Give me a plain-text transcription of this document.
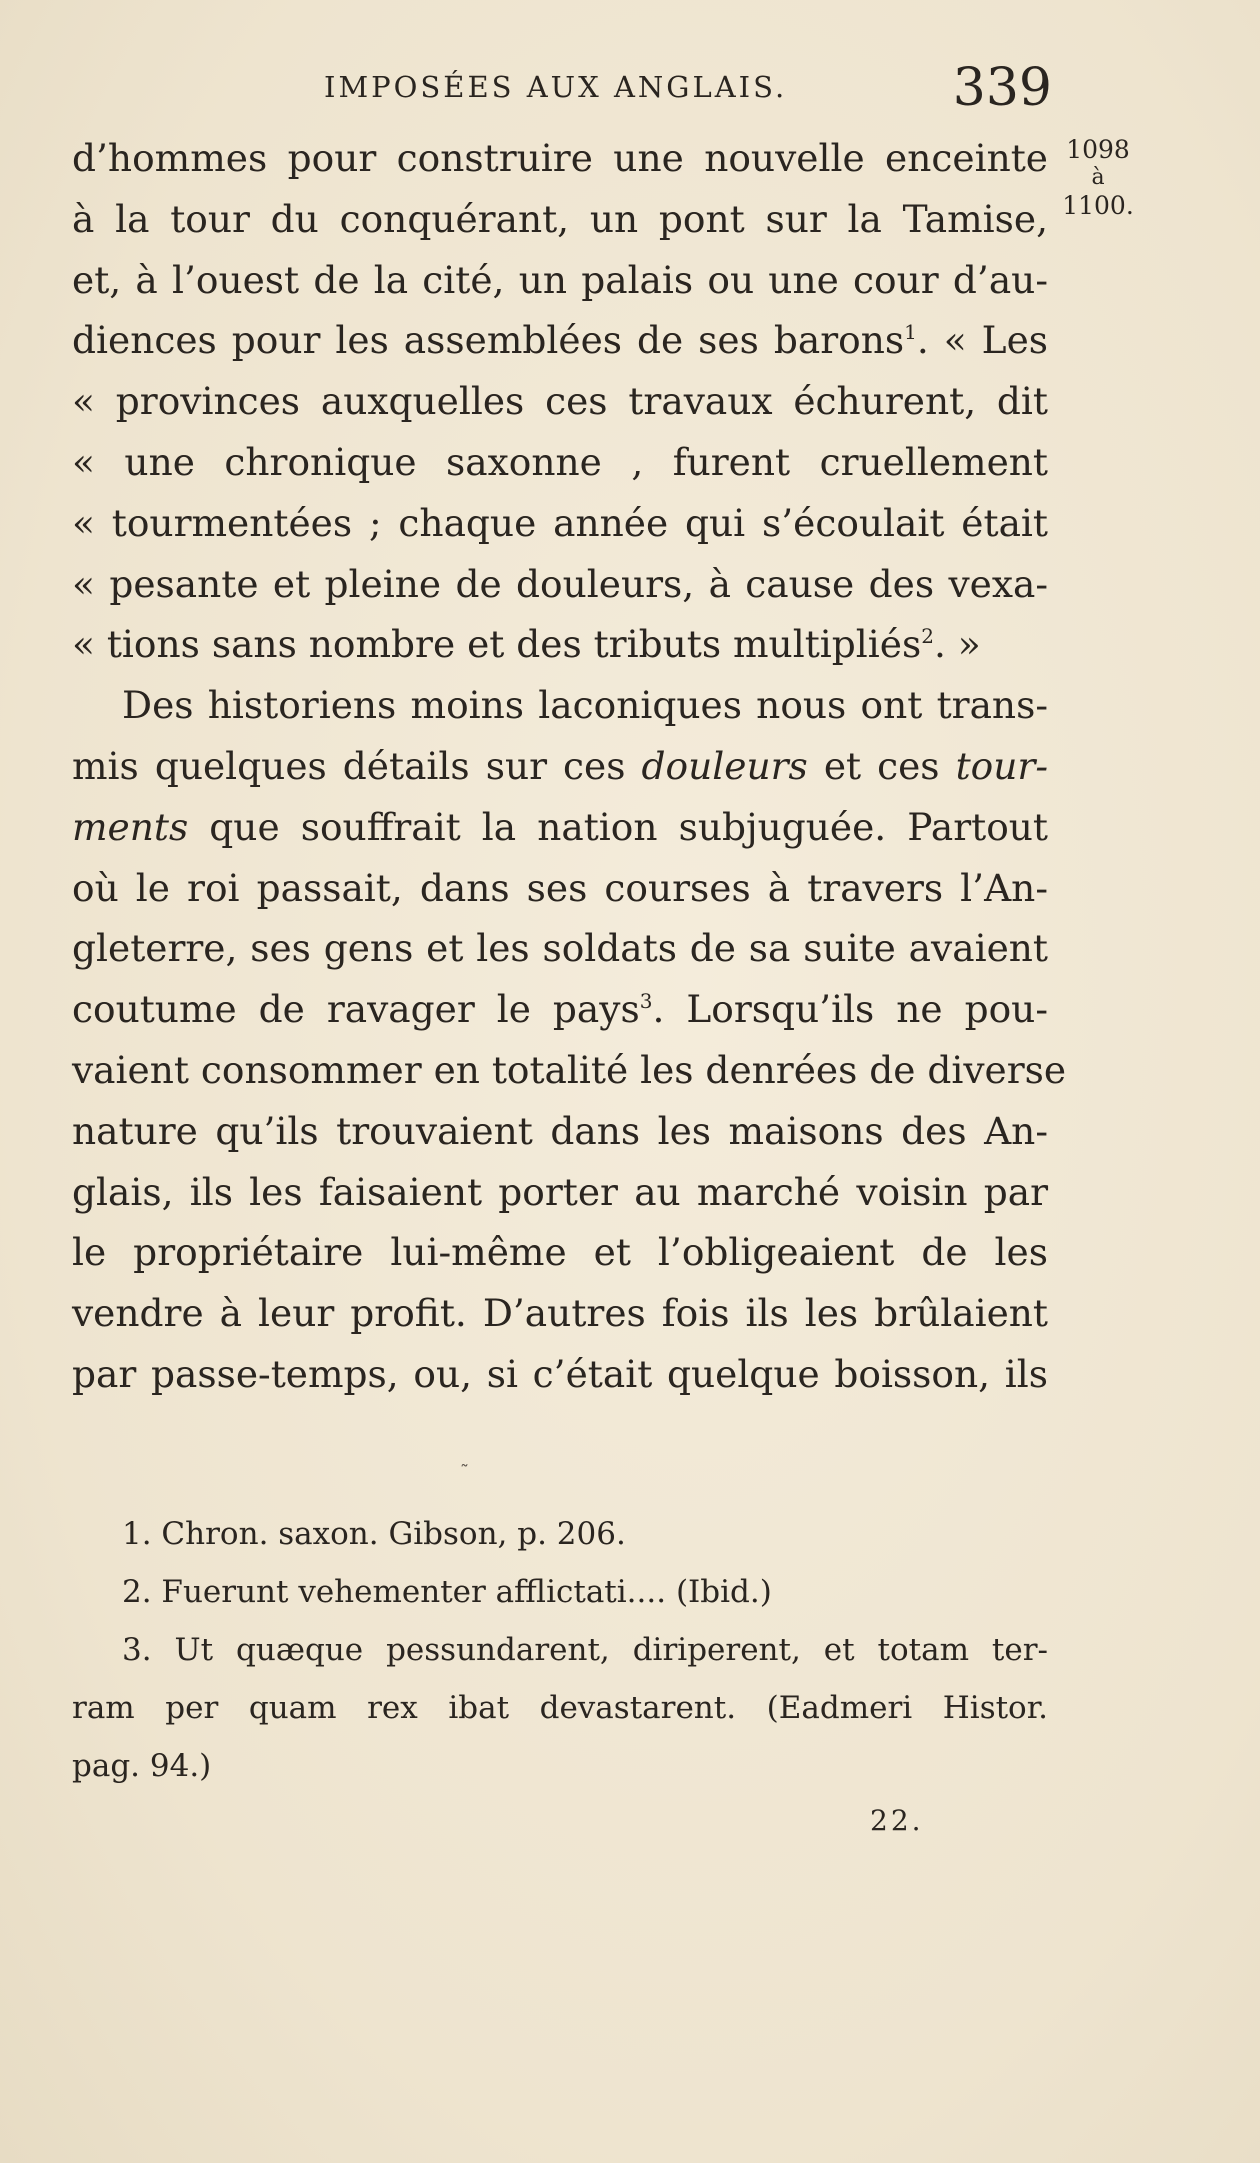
IMPOSÉES AUX ANGLAIS.	339
1098
à
1100.
d’hommes pour construire une nouvelle enceinte
à la tour du conquérant, un pont sur la Tamise,
et, à l’ouest de la cité, un palais ou une cour d’au-
diences pour les assemblées de ses barons$^1$. « Les
« provinces auxquelles ces travaux échurent, dit
« une chronique saxonne , furent cruellement
« tourmentées ; chaque année qui s’écoulait était
« pesante et pleine de douleurs, à cause des vexa-
« tions sans nombre et des tributs multipliés$^2$. »
Des historiens moins laconiques nous ont trans-
mis quelques détails sur ces douleurs et ces tour-
ments que souffrait la nation subjuguée. Partout
où le roi passait, dans ses courses à travers l’An-
gleterre, ses gens et les soldats de sa suite avaient
coutume de ravager le pays$^3$. Lorsqu’ils ne pou-
vaient consommer en totalité les denrées de diverse
nature qu’ils trouvaient dans les maisons des An-
glais, ils les faisaient porter au marché voisin par
le propriétaire lui-même et l’obligeaient de les
vendre à leur profit. D’autres fois ils les brûlaient
par passe-temps, ou, si c’était quelque boisson, ils
˜
1. Chron. saxon. Gibson, p. 206.
2. Fuerunt vehementer afflictati.... (Ibid.)
3. Ut quæque pessundarent, diriperent, et totam ter-
ram per quam rex ibat devastarent. (Eadmeri Histor.
pag. 94.)
22.
